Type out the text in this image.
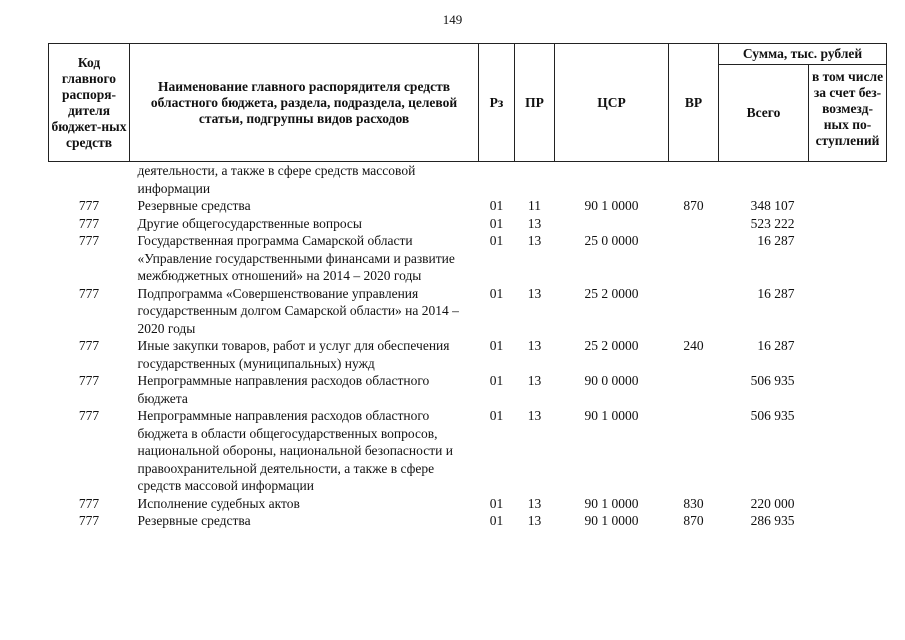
149
Код главного распоря-дителя бюджет-ных средств	Наименование главного распорядителя средств областного бюджета, раздела, подраздела, целевой статьи, подгрупны видов расходов	Рз	ПР	ЦСР	ВР	Сумма, тыс. рублей	
						Всего	в том числе за счет без-возмезд-ных по-ступлений
	деятельности, а также в сфере средств массовой информации						
777	Резервные средства	01	11	90 1 0000	870	348 107	
777	Другие общегосударственные вопросы	01	13			523 222	
777	Государственная программа Самарской области «Управление государственными финансами и развитие межбюджетных отношений» на 2014 – 2020 годы	01	13	25 0 0000		16 287	
777	Подпрограмма «Совершенствование управления государственным долгом Самарской области» на 2014 – 2020 годы	01	13	25 2 0000		16 287	
777	Иные закупки товаров, работ и услуг для обеспечения государственных (муниципальных) нужд	01	13	25 2 0000	240	16 287	
777	Непрограммные направления расходов областного бюджета	01	13	90 0 0000		506 935	
777	Непрограммные направления расходов областного бюджета в области общегосударственных вопросов, национальной обороны, национальной безопасности и правоохранительной деятельности, а также в сфере средств массовой информации	01	13	90 1 0000		506 935	
777	Исполнение судебных актов	01	13	90 1 0000	830	220 000	
777	Резервные средства	01	13	90 1 0000	870	286 935	
